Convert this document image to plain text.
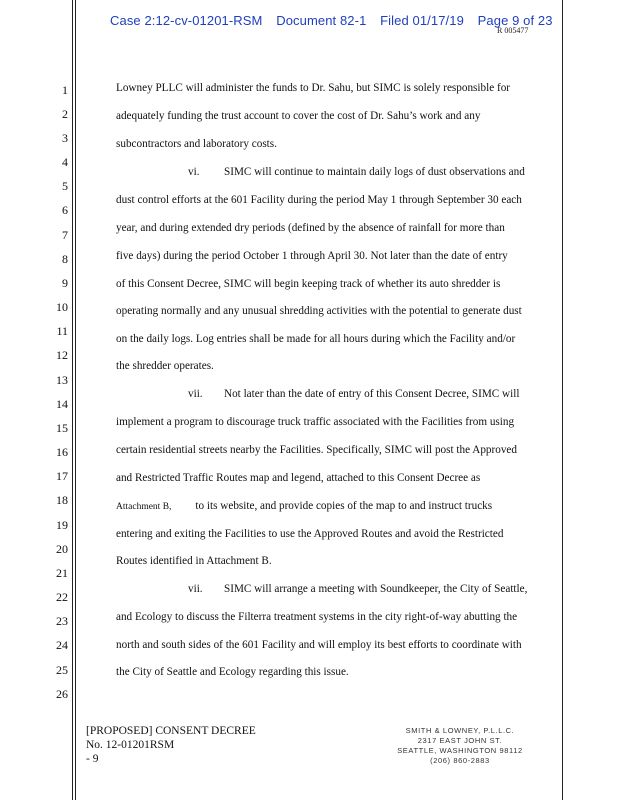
Case 2:12-cv-01201-RSM Document 82-1 Filed 01/17/19 Page 9 of 23
R 005477
1
2
3
4
5
6
7
8
9
10
11
12
13
14
15
16
17
18
19
20
21
22
23
24
25
26
Lowney PLLC will administer the funds to Dr. Sahu, but SIMC is solely responsible for
adequately funding the trust account to cover the cost of Dr. Sahu’s work and any
subcontractors and laboratory costs.
vi. SIMC will continue to maintain daily logs of dust observations and
dust control efforts at the 601 Facility during the period May 1 through September 30 each
year, and during extended dry periods (defined by the absence of rainfall for more than
five days) during the period October 1 through April 30. Not later than the date of entry
of this Consent Decree, SIMC will begin keeping track of whether its auto shredder is
operating normally and any unusual shredding activities with the potential to generate dust
on the daily logs. Log entries shall be made for all hours during which the Facility and/or
the shredder operates.
vii. Not later than the date of entry of this Consent Decree, SIMC will
implement a program to discourage truck traffic associated with the Facilities from using
certain residential streets nearby the Facilities. Specifically, SIMC will post the Approved
and Restricted Traffic Routes map and legend, attached to this Consent Decree as
Attachment B, to its website, and provide copies of the map to and instruct trucks
entering and exiting the Facilities to use the Approved Routes and avoid the Restricted
Routes identified in Attachment B.
vii. SIMC will arrange a meeting with Soundkeeper, the City of Seattle,
and Ecology to discuss the Filterra treatment systems in the city right-of-way abutting the
north and south sides of the 601 Facility and will employ its best efforts to coordinate with
the City of Seattle and Ecology regarding this issue.
[PROPOSED] CONSENT DECREE
No. 12-01201RSM
- 9
SMITH & LOWNEY, P.L.L.C.
2317 EAST JOHN ST.
SEATTLE, WASHINGTON 98112
(206) 860-2883
